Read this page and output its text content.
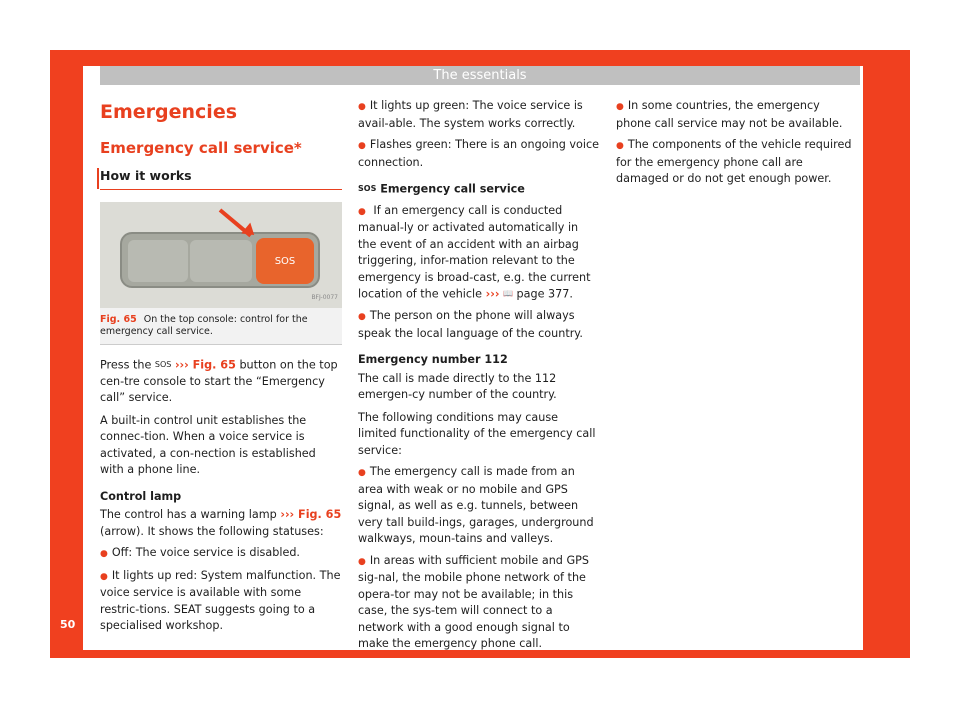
The essentials
50
Emergencies
Emergency call service*
How it works
SOS
BFJ-0077
Fig. 65 On the top console: control for the emergency call service.

Press the SOS ››› Fig. 65 button on the top cen-tre console to start the “Emergency call” service.

A built-in control unit establishes the connec-tion. When a voice service is activated, a con-nection is established with a phone line.

Control lamp

The control has a warning lamp ››› Fig. 65 (arrow). It shows the following statuses:

● Off: The voice service is disabled.
● It lights up red: System malfunction. The voice service is available with some restric-tions. SEAT suggests going to a specialised workshop.
● It lights up green: The voice service is avail-able. The system works correctly.
● Flashes green: There is an ongoing voice connection.
SOS Emergency call service
● If an emergency call is conducted manual-ly or activated automatically in the event of an accident with an airbag triggering, infor-mation relevant to the emergency is broad-cast, e.g. the current location of the vehicle ››› 📖 page 377.
● The person on the phone will always speak the local language of the country.
Emergency number 112

The call is made directly to the 112 emergen-cy number of the country.

The following conditions may cause limited functionality of the emergency call service:

● The emergency call is made from an area with weak or no mobile and GPS signal, as well as e.g. tunnels, between very tall build-ings, garages, underground walkways, moun-tains and valleys.
● In areas with sufficient mobile and GPS sig-nal, the mobile phone network of the opera-tor may not be available; in this case, the sys-tem will connect to a network with a good enough signal to make the emergency phone call.
● In some countries, the emergency phone call service may not be available.
● The components of the vehicle required for the emergency phone call are damaged or do not get enough power.
